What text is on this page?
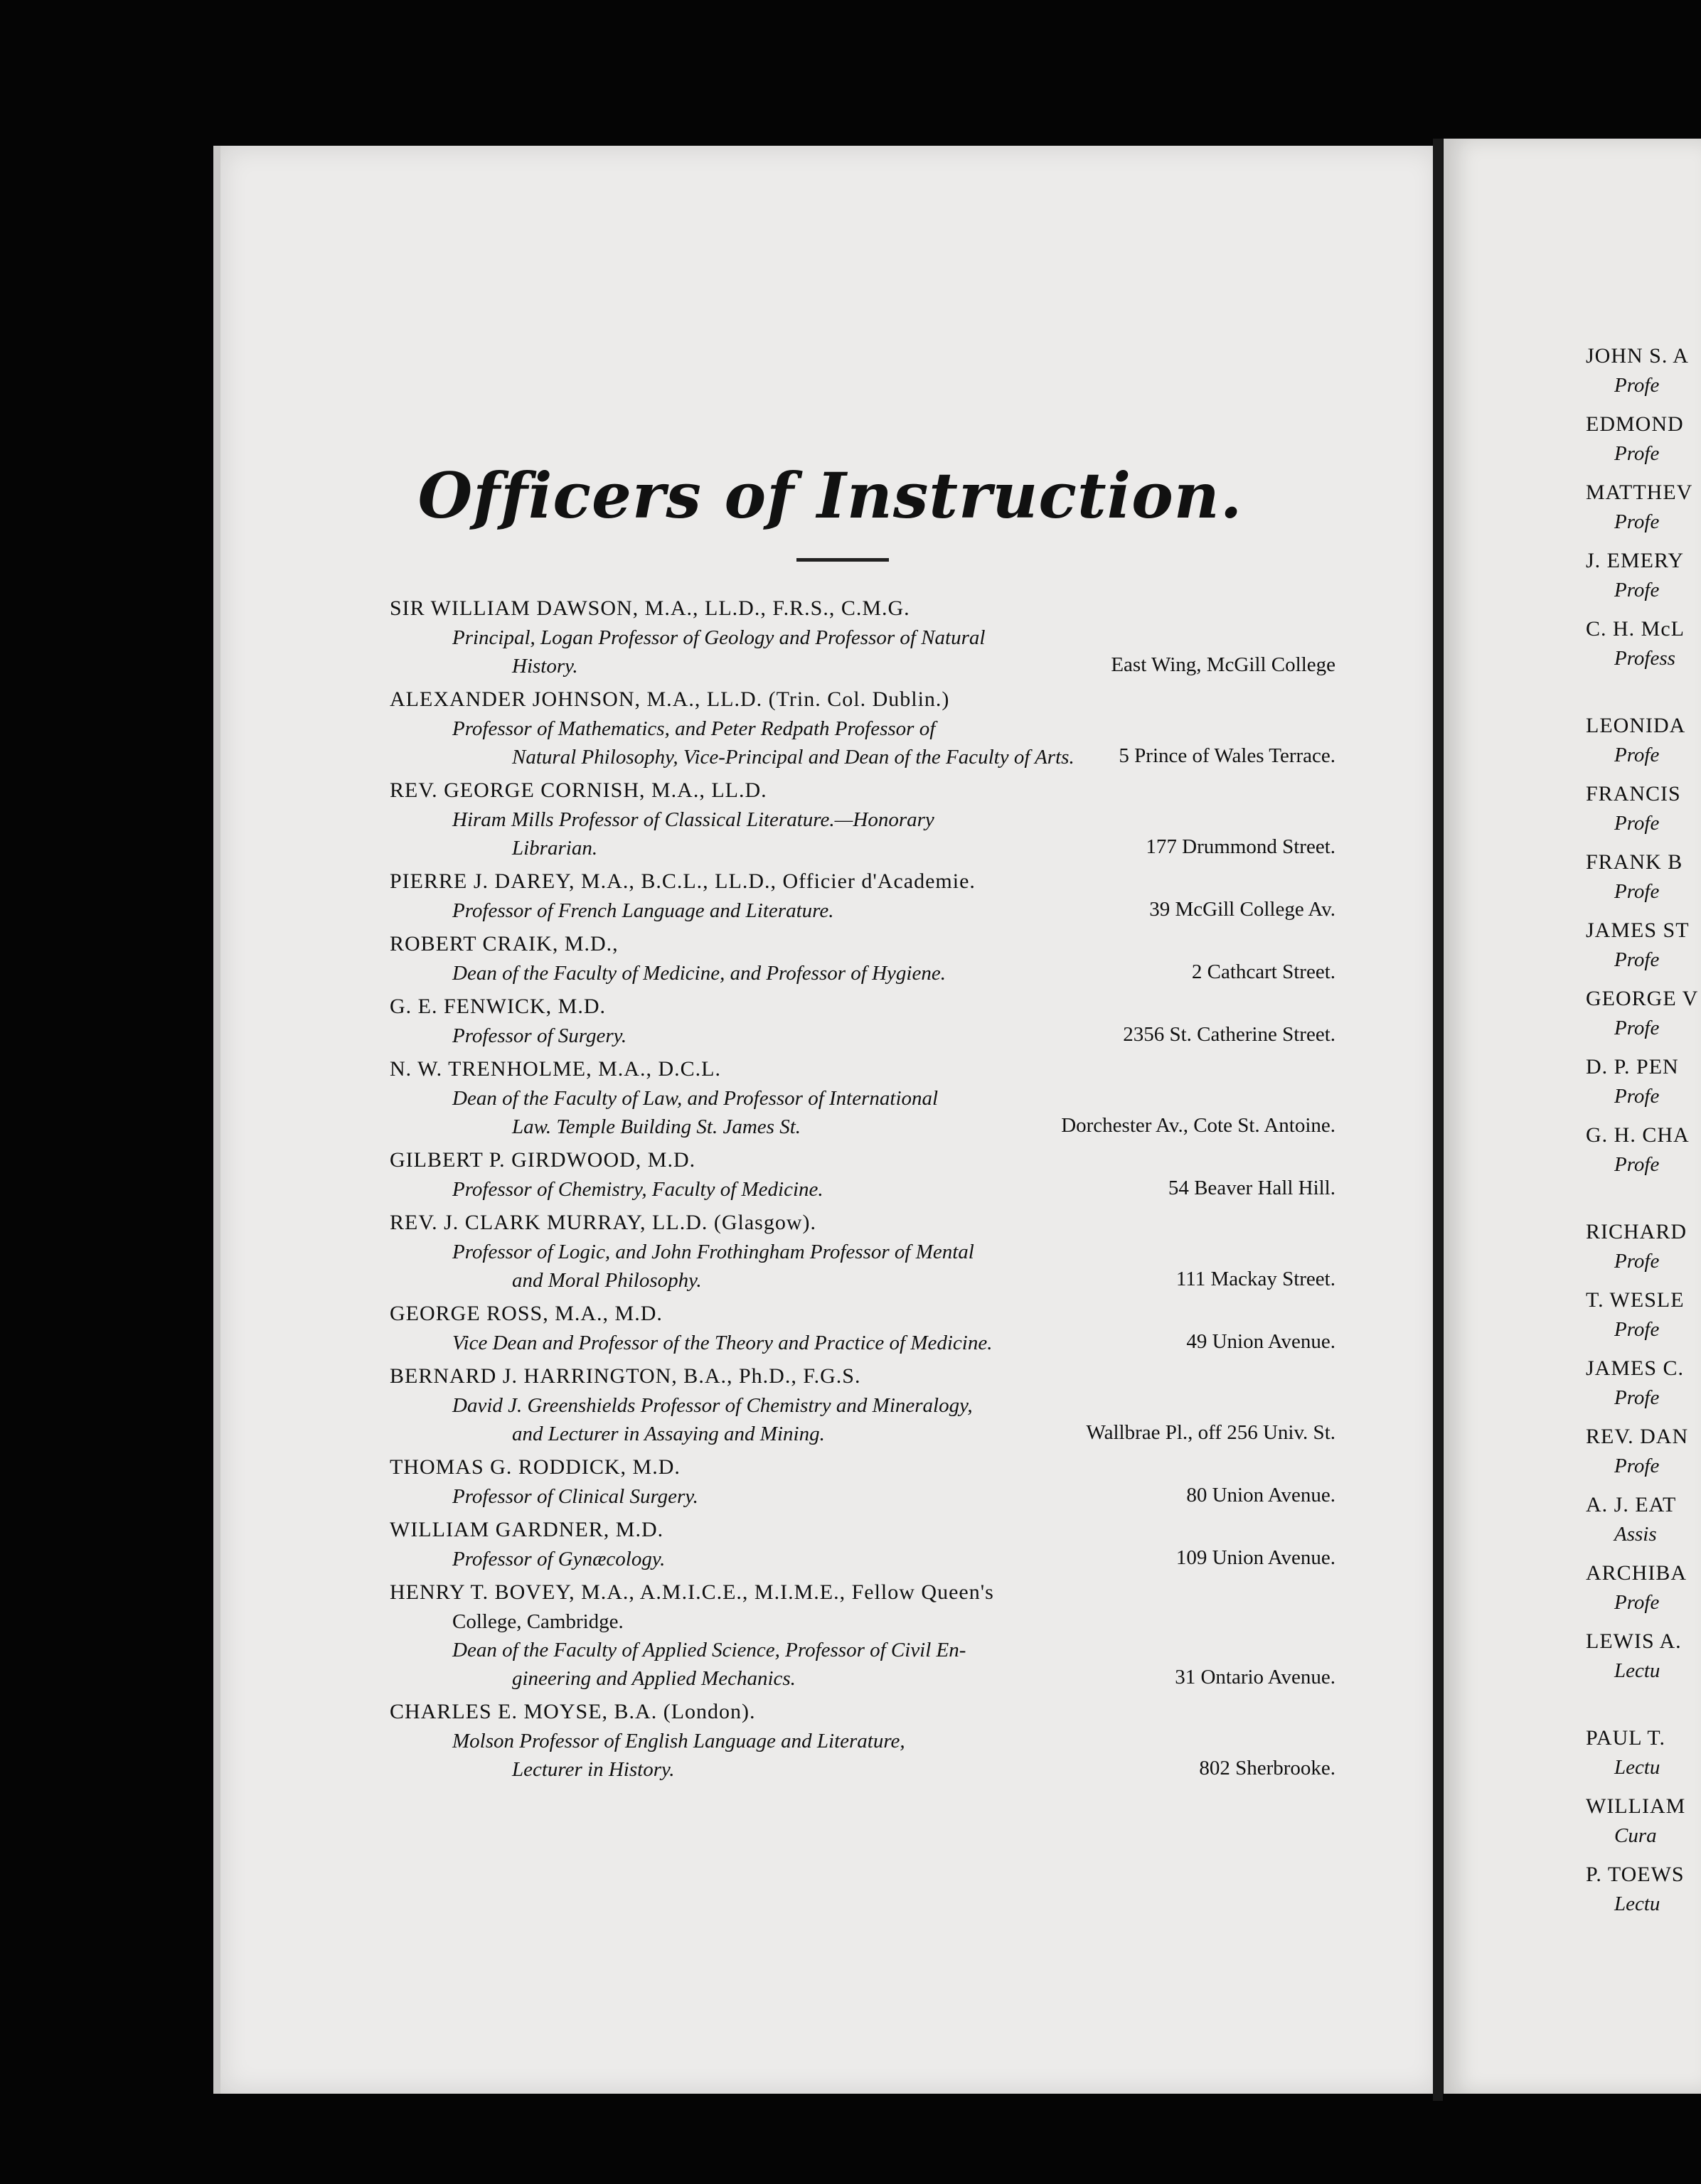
Officers of Instruction.
SIR WILLIAM DAWSON, M.A., LL.D., F.R.S., C.M.G.
Principal, Logan Professor of Geology and Professor of Natural
History.	East Wing, McGill College
ALEXANDER JOHNSON, M.A., LL.D. (Trin. Col. Dublin.)
Professor of Mathematics, and Peter Redpath Professor of
Natural Philosophy, Vice-Principal and Dean of the Faculty of Arts.	5 Prince of Wales Terrace.
REV. GEORGE CORNISH, M.A., LL.D.
Hiram Mills Professor of Classical Literature.—Honorary
Librarian.	177 Drummond Street.
PIERRE J. DAREY, M.A., B.C.L., LL.D., Officier d'Academie.
Professor of French Language and Literature.	39 McGill College Av.
ROBERT CRAIK, M.D.,
Dean of the Faculty of Medicine, and Professor of Hygiene.	2 Cathcart Street.
G. E. FENWICK, M.D.
Professor of Surgery.	2356 St. Catherine Street.
N. W. TRENHOLME, M.A., D.C.L.
Dean of the Faculty of Law, and Professor of International
Law. Temple Building St. James St.	Dorchester Av., Cote St. Antoine.
GILBERT P. GIRDWOOD, M.D.
Professor of Chemistry, Faculty of Medicine.	54 Beaver Hall Hill.
REV. J. CLARK MURRAY, LL.D. (Glasgow).
Professor of Logic, and John Frothingham Professor of Mental
and Moral Philosophy.	111 Mackay Street.
GEORGE ROSS, M.A., M.D.
Vice Dean and Professor of the Theory and Practice of Medicine.	49 Union Avenue.
BERNARD J. HARRINGTON, B.A., Ph.D., F.G.S.
David J. Greenshields Professor of Chemistry and Mineralogy,
and Lecturer in Assaying and Mining.	Wallbrae Pl., off 256 Univ. St.
THOMAS G. RODDICK, M.D.
Professor of Clinical Surgery.	80 Union Avenue.
WILLIAM GARDNER, M.D.
Professor of Gynæcology.	109 Union Avenue.
HENRY T. BOVEY, M.A., A.M.I.C.E., M.I.M.E., Fellow Queen's
College, Cambridge.
Dean of the Faculty of Applied Science, Professor of Civil En-
gineering and Applied Mechanics.	31 Ontario Avenue.
CHARLES E. MOYSE, B.A. (London).
Molson Professor of English Language and Literature,
Lecturer in History.	802 Sherbrooke.
JOHN S. A
Profe
EDMOND
Profe
MATTHEV
Profe
J. EMERY
Profe
C. H. McL
Profess
LEONIDA
Profe
FRANCIS
Profe
FRANK B
Profe
JAMES ST
Profe
GEORGE V
Profe
D. P. PEN
Profe
G. H. CHA
Profe
RICHARD
Profe
T. WESLE
Profe
JAMES C.
Profe
REV. DAN
Profe
A. J. EAT
Assis
ARCHIBA
Profe
LEWIS A.
Lectu
PAUL T.
Lectu
WILLIAM
Cura
P. TOEWS
Lectu
